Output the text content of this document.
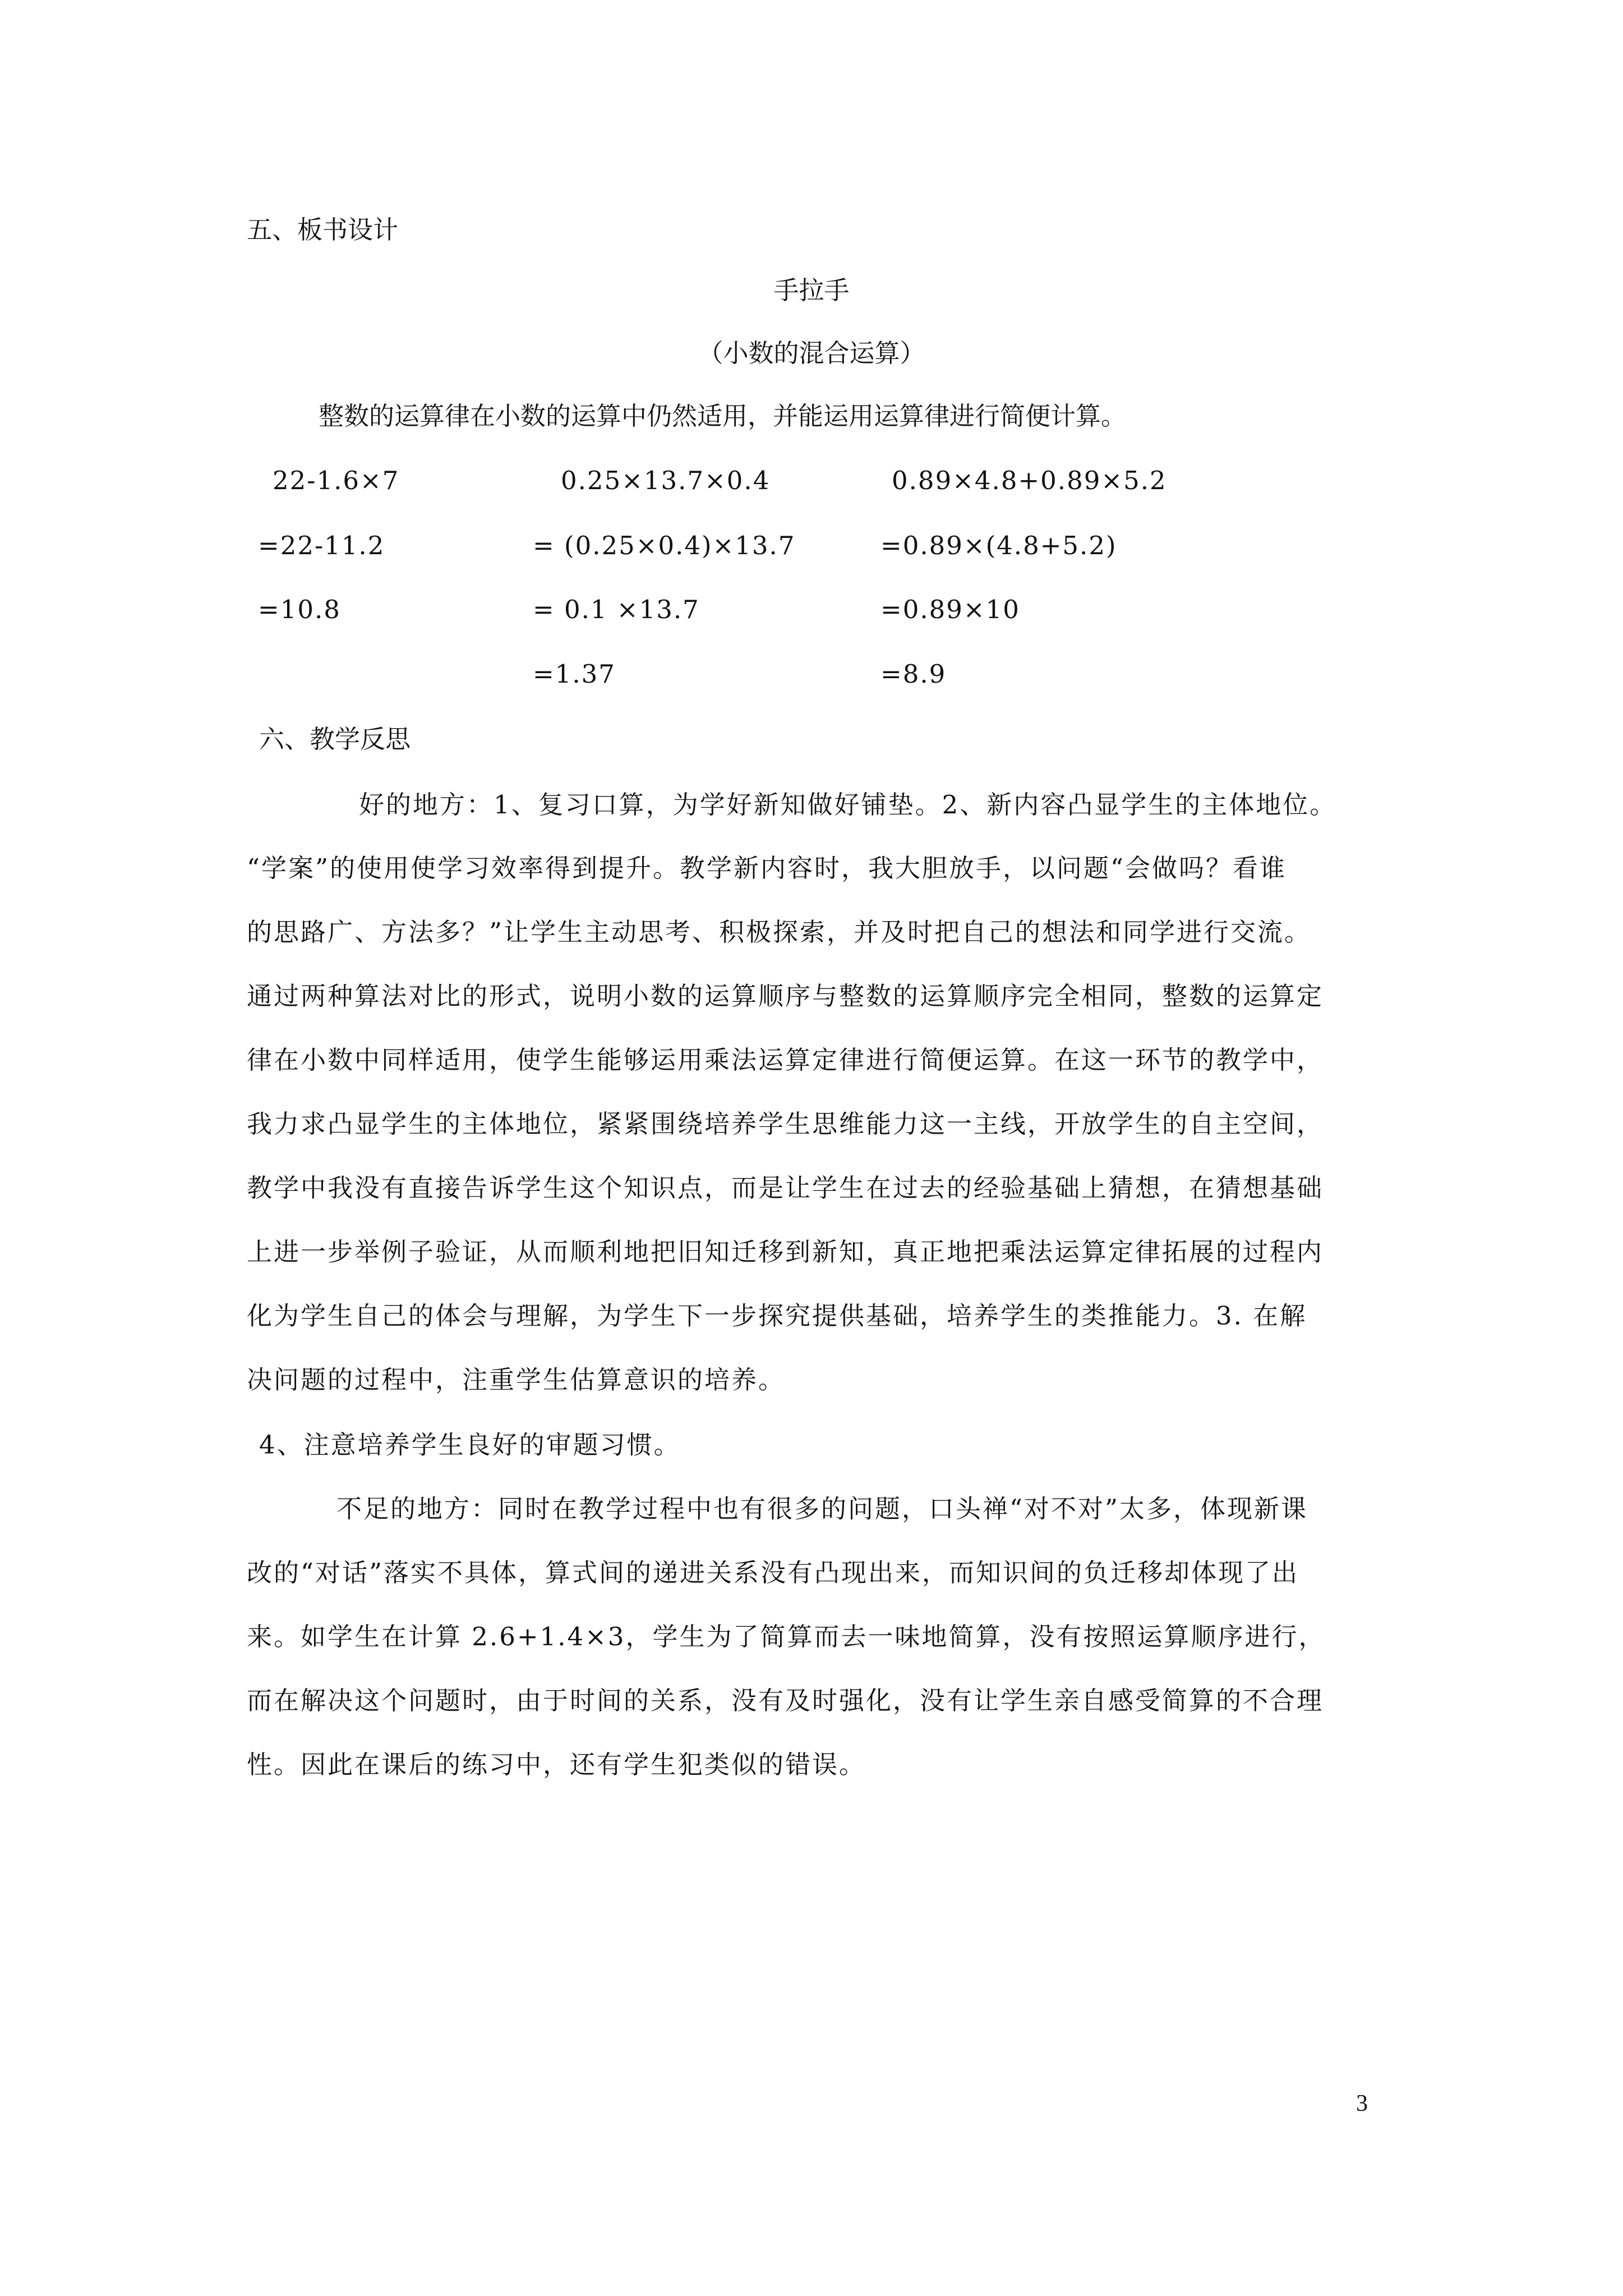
五、板书设计
手拉手
（小数的混合运算）
整数的运算律在小数的运算中仍然适用，并能运用运算律进行简便计算。
22-1.6×7
=22-11.2
=10.8
0.25×13.7×0.4
= (0.25×0.4)×13.7
= 0.1 ×13.7
=1.37
0.89×4.8+0.89×5.2
=0.89×(4.8+5.2)
=0.89×10
=8.9
六、教学反思
好的地方：1、复习口算，为学好新知做好铺垫。2、新内容凸显学生的主体地位。
“学案”的使用使学习效率得到提升。教学新内容时，我大胆放手，以问题“会做吗？看谁
的思路广、方法多？”让学生主动思考、积极探索，并及时把自己的想法和同学进行交流。
通过两种算法对比的形式，说明小数的运算顺序与整数的运算顺序完全相同，整数的运算定
律在小数中同样适用，使学生能够运用乘法运算定律进行简便运算。在这一环节的教学中，
我力求凸显学生的主体地位，紧紧围绕培养学生思维能力这一主线，开放学生的自主空间，
教学中我没有直接告诉学生这个知识点，而是让学生在过去的经验基础上猜想，在猜想基础
上进一步举例子验证，从而顺利地把旧知迁移到新知，真正地把乘法运算定律拓展的过程内
化为学生自己的体会与理解，为学生下一步探究提供基础，培养学生的类推能力。3. 在解
决问题的过程中，注重学生估算意识的培养。
4、注意培养学生良好的审题习惯。
不足的地方：同时在教学过程中也有很多的问题，口头禅“对不对”太多，体现新课
改的“对话”落实不具体，算式间的递进关系没有凸现出来，而知识间的负迁移却体现了出
来。如学生在计算 2.6+1.4×3，学生为了简算而去一味地简算，没有按照运算顺序进行，
而在解决这个问题时，由于时间的关系，没有及时强化，没有让学生亲自感受简算的不合理
性。因此在课后的练习中，还有学生犯类似的错误。
3
